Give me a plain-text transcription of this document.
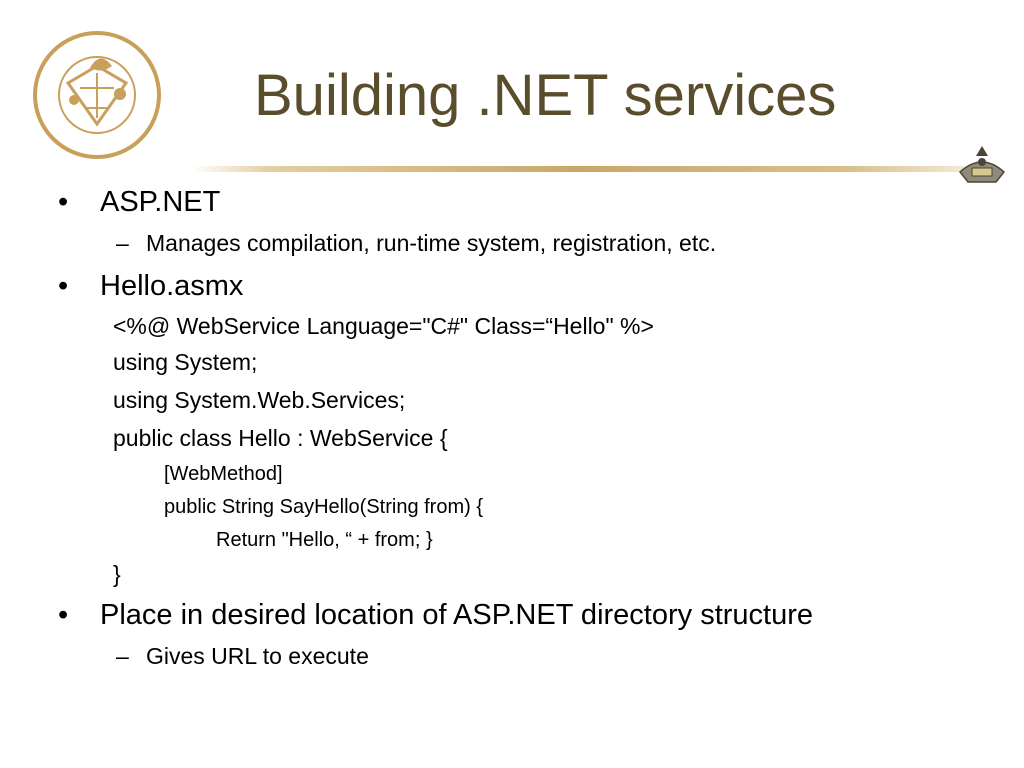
Building .NET services
• ASP.NET
– Manages compilation, run-time system, registration, etc.
• Hello.asmx
<%@ WebService Language="C#" Class=“Hello" %>
using System;
using System.Web.Services;
public class Hello : WebService {
[WebMethod]
public String SayHello(String from) {
Return "Hello, “ + from; }
}
• Place in desired location of ASP.NET directory structure
– Gives URL to execute
